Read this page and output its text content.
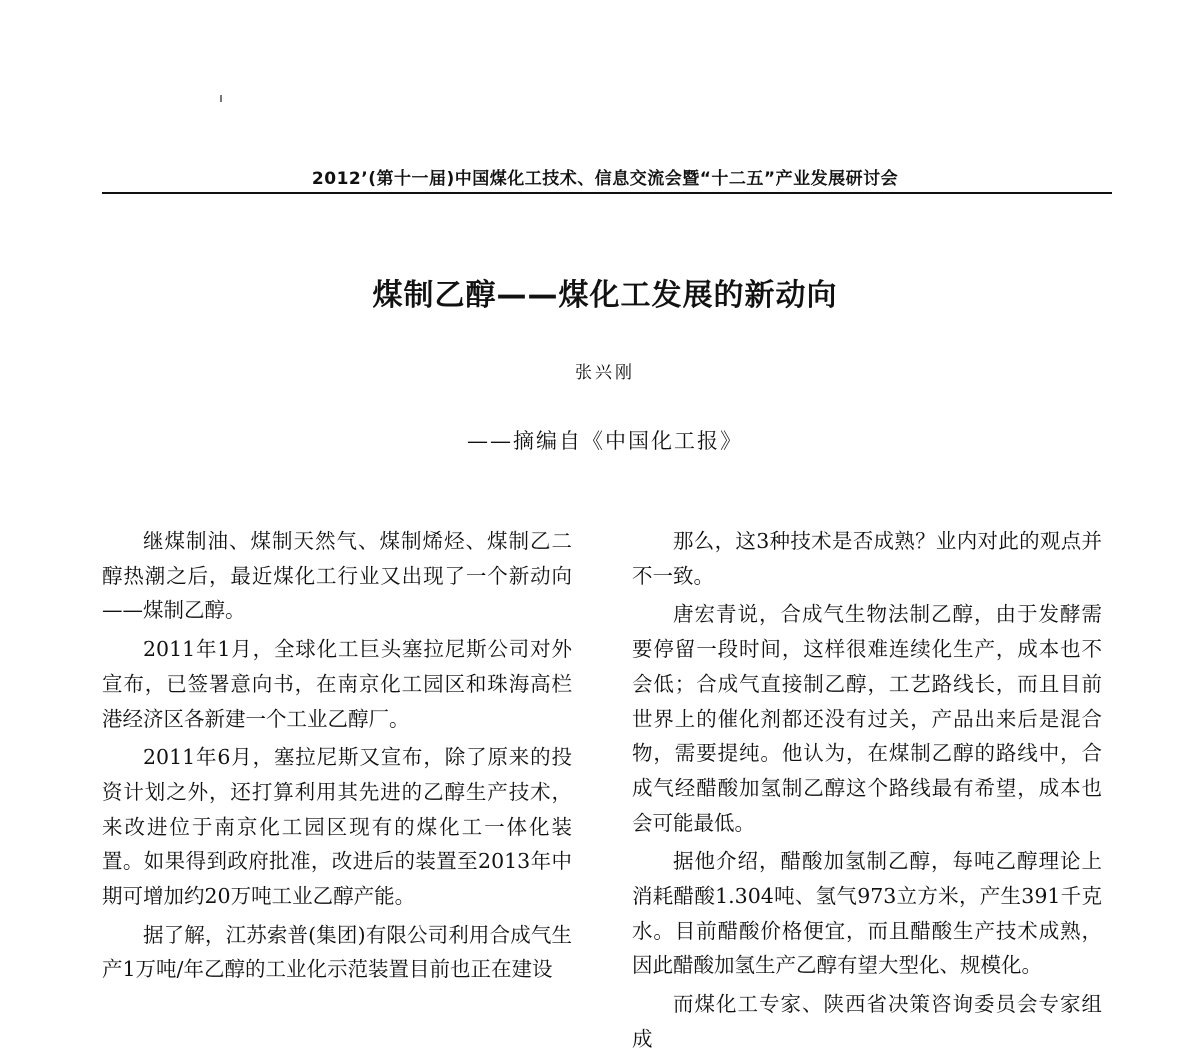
2012’(第十一届)中国煤化工技术、信息交流会暨“十二五”产业发展研讨会
煤制乙醇——煤化工发展的新动向
张兴刚
——摘编自《中国化工报》

继煤制油、煤制天然气、煤制烯烃、煤制乙二醇热潮之后，最近煤化工行业又出现了一个新动向——煤制乙醇。

2011年1月，全球化工巨头塞拉尼斯公司对外宣布，已签署意向书，在南京化工园区和珠海高栏港经济区各新建一个工业乙醇厂。

2011年6月，塞拉尼斯又宣布，除了原来的投资计划之外，还打算利用其先进的乙醇生产技术，来改进位于南京化工园区现有的煤化工一体化装置。如果得到政府批准，改进后的装置至2013年中期可增加约20万吨工业乙醇产能。

据了解，江苏索普(集团)有限公司利用合成气生产1万吨/年乙醇的工业化示范装置目前也正在建设

那么，这3种技术是否成熟？业内对此的观点并不一致。

唐宏青说，合成气生物法制乙醇，由于发酵需要停留一段时间，这样很难连续化生产，成本也不会低；合成气直接制乙醇，工艺路线长，而且目前世界上的催化剂都还没有过关，产品出来后是混合物，需要提纯。他认为，在煤制乙醇的路线中，合成气经醋酸加氢制乙醇这个路线最有希望，成本也会可能最低。

据他介绍，醋酸加氢制乙醇，每吨乙醇理论上消耗醋酸1.304吨、氢气973立方米，产生391千克水。目前醋酸价格便宜，而且醋酸生产技术成熟，因此醋酸加氢生产乙醇有望大型化、规模化。

而煤化工专家、陕西省决策咨询委员会专家组成
